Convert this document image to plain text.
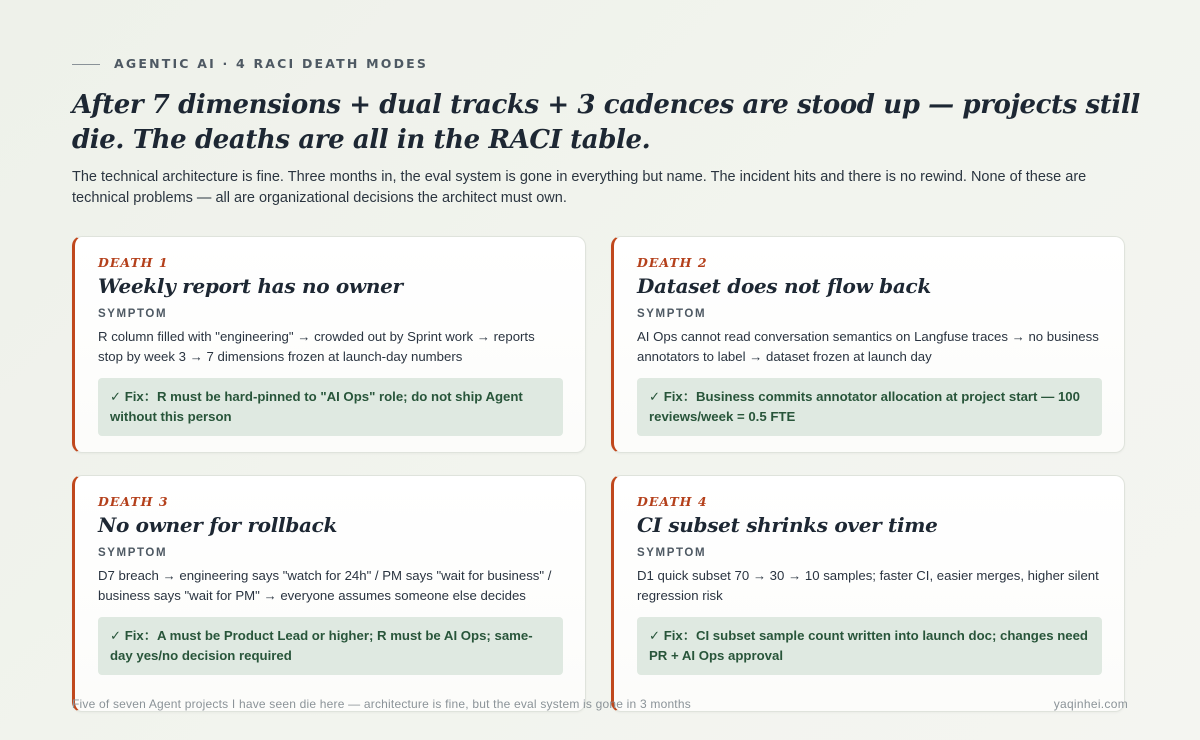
AGENTIC AI · 4 RACI DEATH MODES
After 7 dimensions + dual tracks + 3 cadences are stood up — projects still die. The deaths are all in the RACI table.

The technical architecture is fine. Three months in, the eval system is gone in everything but name. The incident hits and there is no rewind. None of these are technical problems — all are organizational decisions the architect must own.

DEATH 1
Weekly report has no owner
SYMPTOM
R column filled with "engineering" → crowded out by Sprint work → reports stop by week 3 → 7 dimensions frozen at launch-day numbers
✓ Fix：R must be hard-pinned to "AI Ops" role; do not ship Agent without this person
DEATH 2
Dataset does not flow back
SYMPTOM
AI Ops cannot read conversation semantics on Langfuse traces → no business annotators to label → dataset frozen at launch day
✓ Fix：Business commits annotator allocation at project start — 100 reviews/week = 0.5 FTE
DEATH 3
No owner for rollback
SYMPTOM
D7 breach → engineering says "watch for 24h" / PM says "wait for business" / business says "wait for PM" → everyone assumes someone else decides
✓ Fix：A must be Product Lead or higher; R must be AI Ops; same-day yes/no decision required
DEATH 4
CI subset shrinks over time
SYMPTOM
D1 quick subset 70 → 30 → 10 samples; faster CI, easier merges, higher silent regression risk
✓ Fix：CI subset sample count written into launch doc; changes need PR + AI Ops approval
Five of seven Agent projects I have seen die here — architecture is fine, but the eval system is gone in 3 months	yaqinhei.com
